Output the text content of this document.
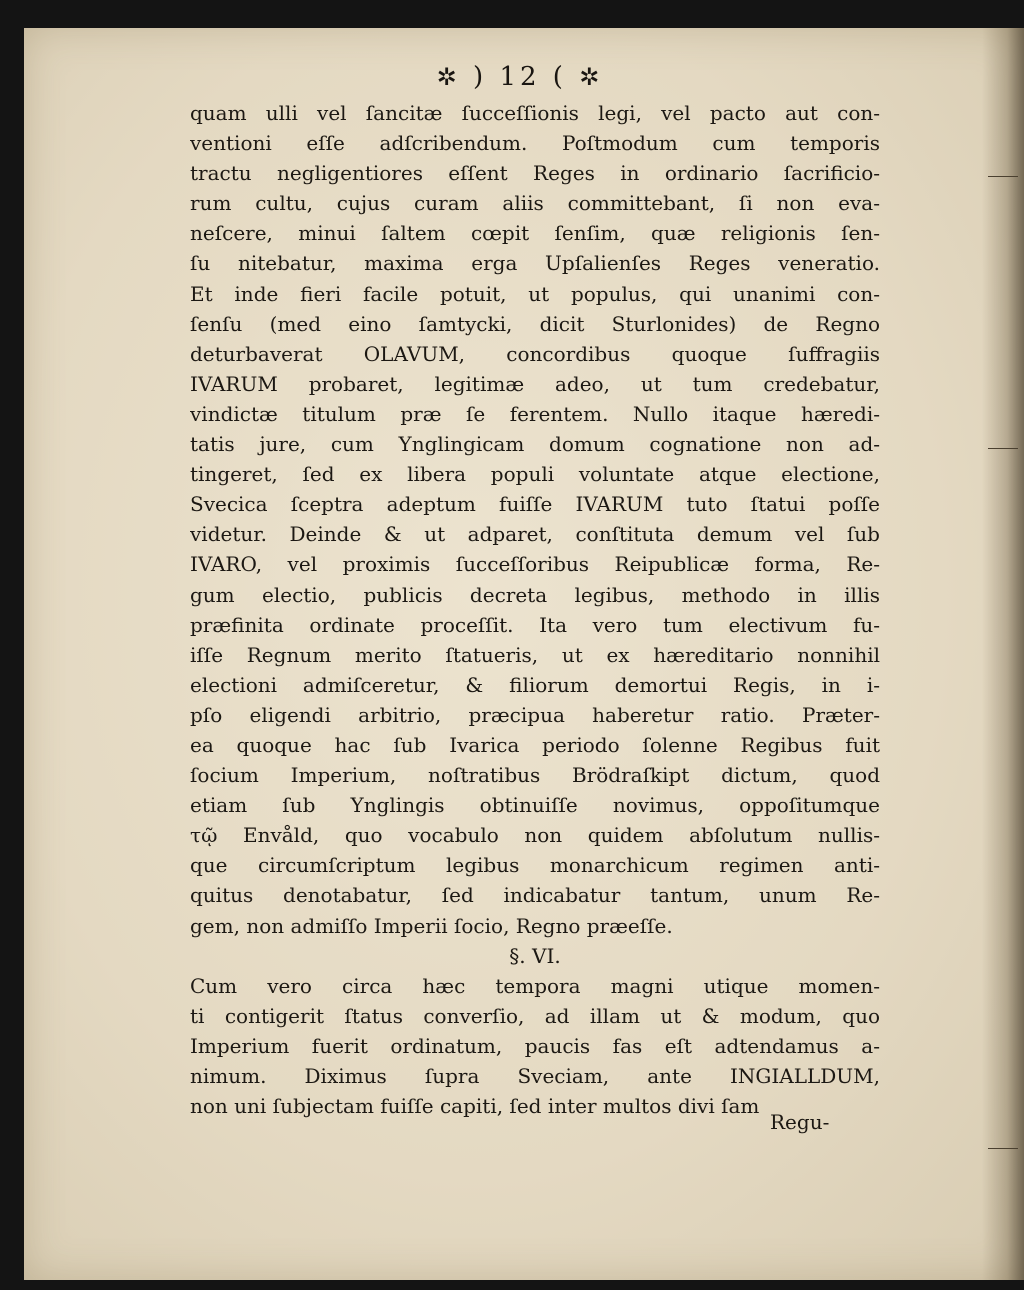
✲ ) 12 ( ✲
quam ulli vel ſancitæ ſucceſſionis legi, vel pacto aut con-
ventioni eſſe adſcribendum. Poſtmodum cum temporis
tractu negligentiores eſſent Reges in ordinario ſacrificio-
rum cultu, cujus curam aliis committebant, ſi non eva-
neſcere, minui ſaltem cœpit ſenſim, quæ religionis ſen-
ſu nitebatur, maxima erga Upſalienſes Reges veneratio.
Et inde fieri facile potuit, ut populus, qui unanimi con-
ſenſu (med eino ſamtycki, dicit Sturlonides) de Regno
deturbaverat OLAVUM, concordibus quoque ſuffragiis
IVARUM probaret, legitimæ adeo, ut tum credebatur,
vindictæ titulum præ ſe ferentem. Nullo itaque hæredi-
tatis jure, cum Ynglingicam domum cognatione non ad-
tingeret, ſed ex libera populi voluntate atque electione,
Svecica ſceptra adeptum fuiſſe IVARUM tuto ſtatui poſſe
videtur. Deinde & ut adparet, conſtituta demum vel ſub
IVARO, vel proximis ſucceſſoribus Reipublicæ forma, Re-
gum electio, publicis decreta legibus, methodo in illis
præfinita ordinate proceſſit. Ita vero tum electivum fu-
iſſe Regnum merito ſtatueris, ut ex hæreditario nonnihil
electioni admiſceretur, & filiorum demortui Regis, in i-
pſo eligendi arbitrio, præcipua haberetur ratio. Præter-
ea quoque hac ſub Ivarica periodo ſolenne Regibus fuit
ſocium Imperium, noſtratibus Brödraſkipt dictum, quod
etiam ſub Ynglingis obtinuiſſe novimus, oppoſitumque
τῷ Envåld, quo vocabulo non quidem abſolutum nullis-
que circumſcriptum legibus monarchicum regimen anti-
quitus denotabatur, ſed indicabatur tantum, unum Re-
gem, non admiſſo Imperii ſocio, Regno præeſſe.
§. VI.
Cum vero circa hæc tempora magni utique momen-
ti contigerit ſtatus converſio, ad illam ut & modum, quo
Imperium fuerit ordinatum, paucis fas eſt adtendamus a-
nimum. Diximus ſupra Sveciam, ante INGIALLDUM,
non uni ſubjectam fuiſſe capiti, ſed inter multos divi ſam
Regu-
